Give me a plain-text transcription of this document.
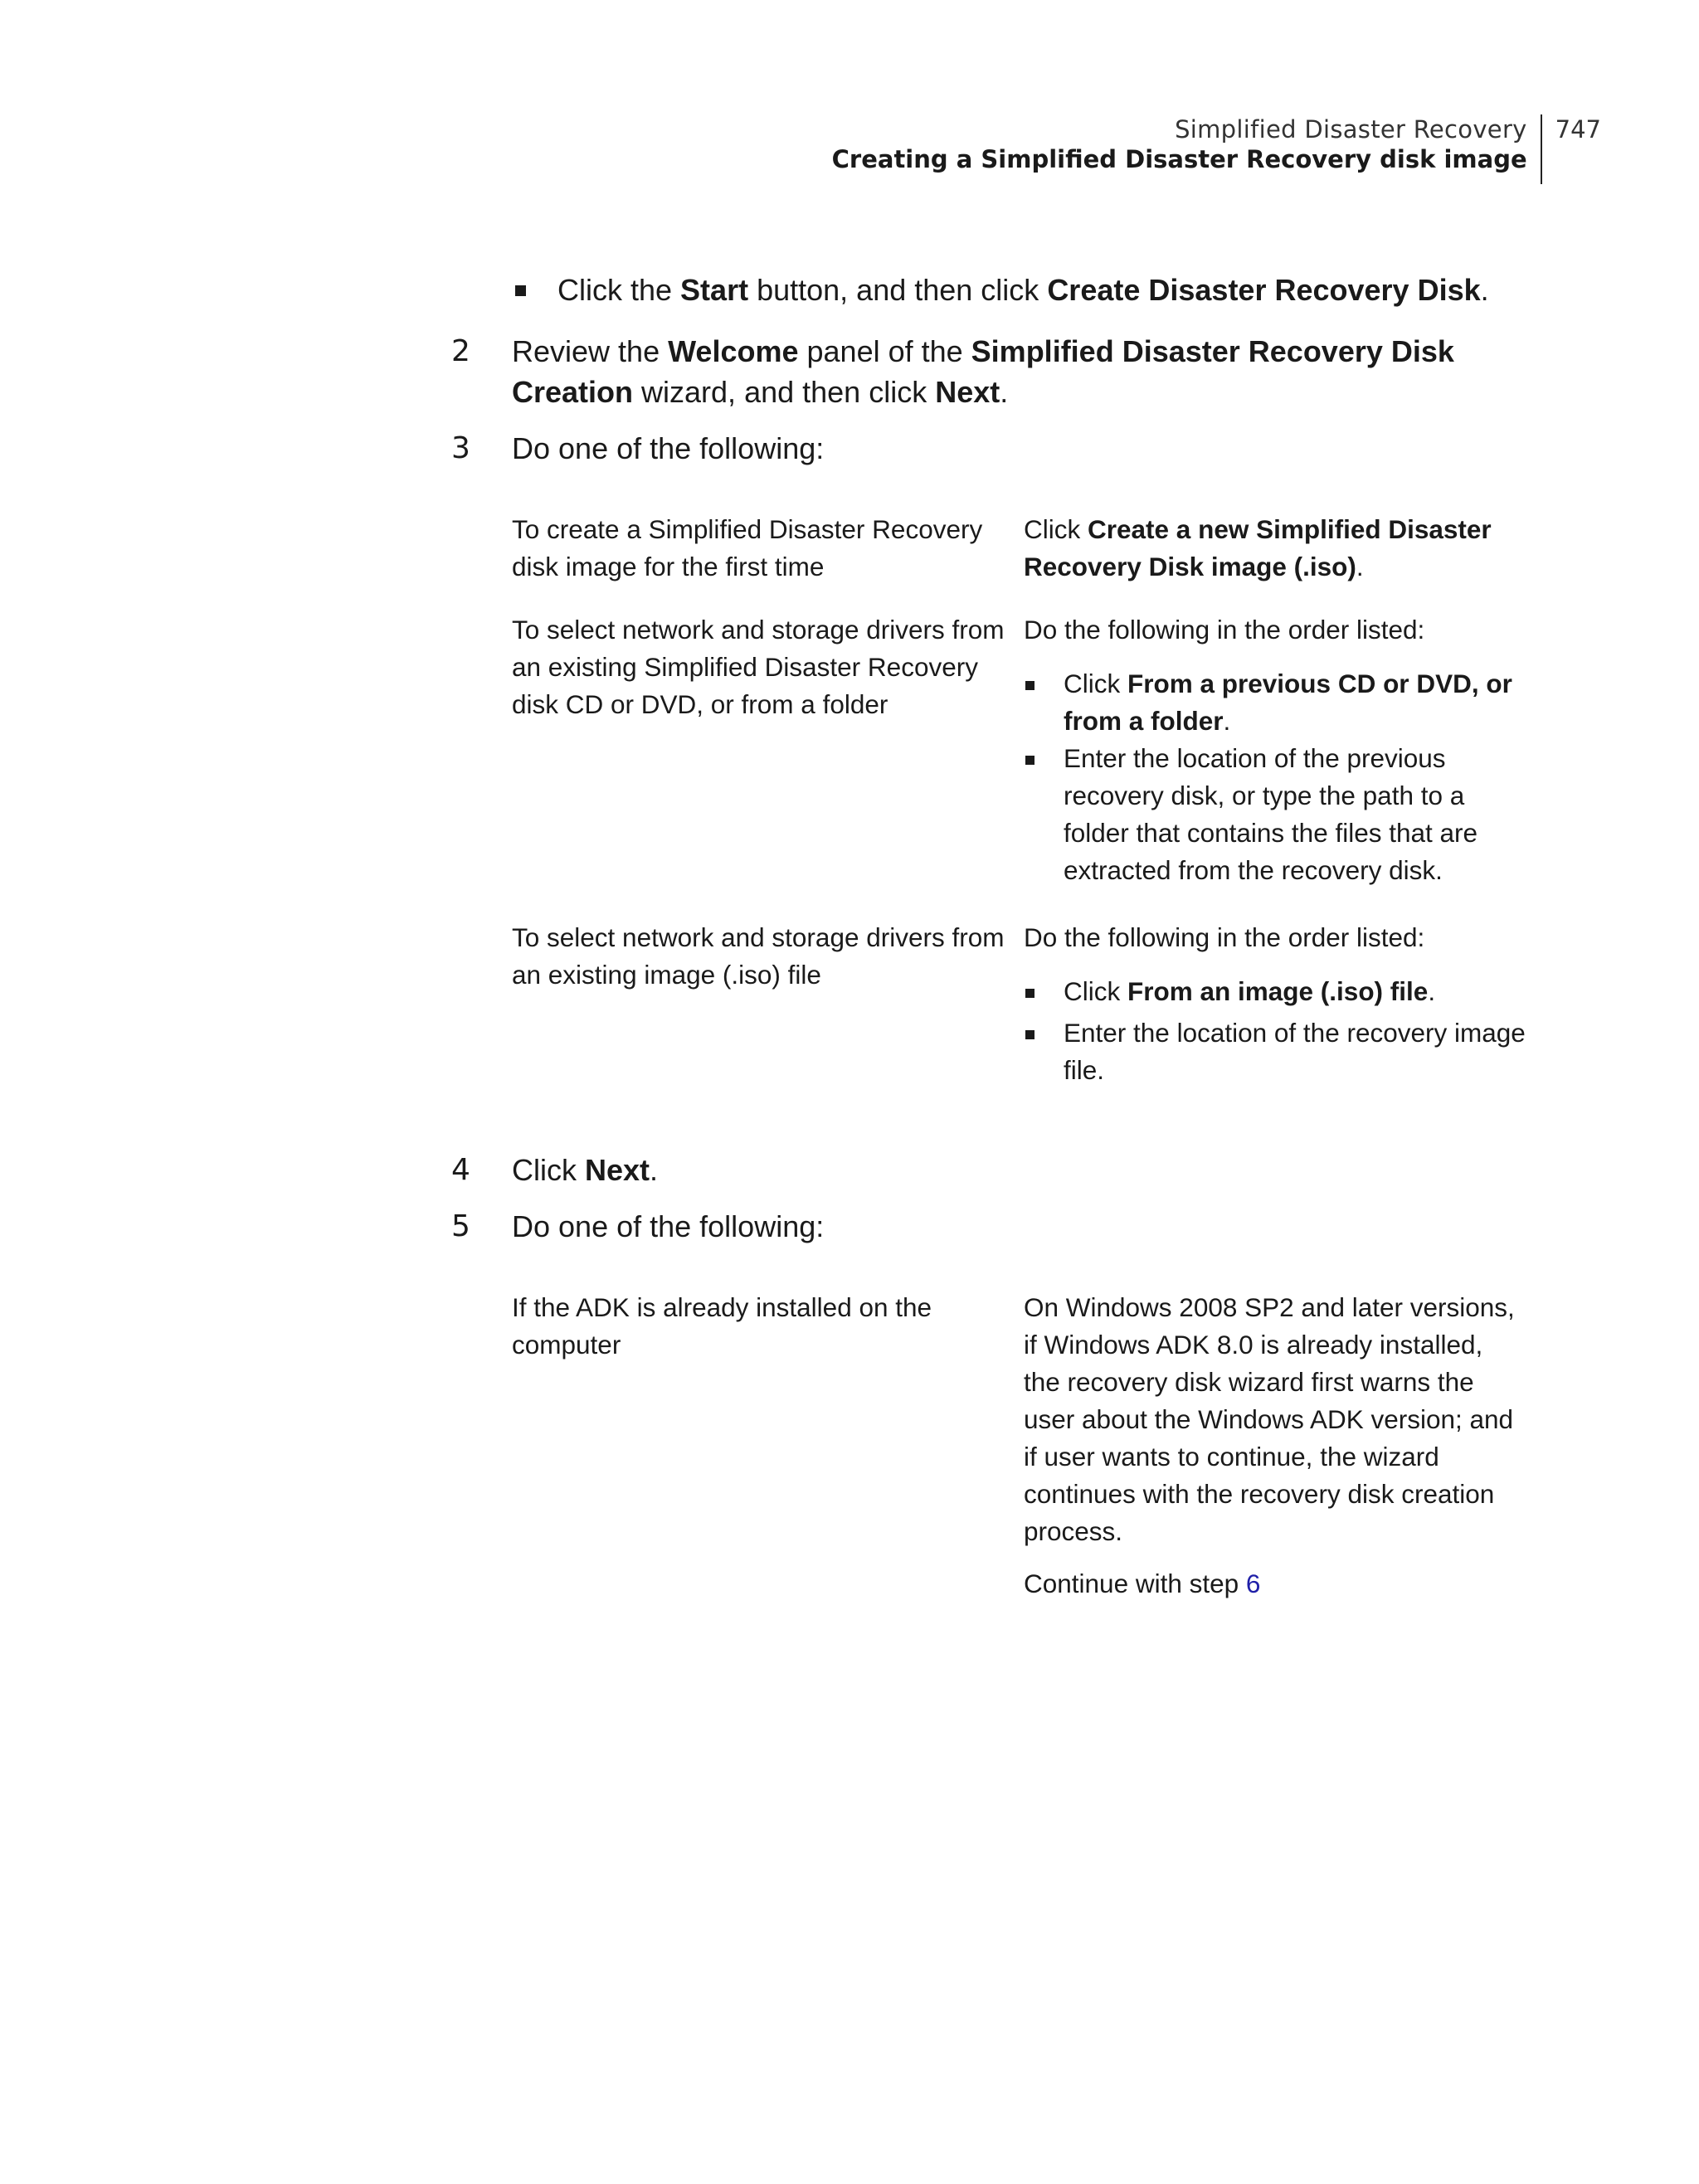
Simplified Disaster Recovery
Creating a Simplified Disaster Recovery disk image
747
Click the Start button, and then click Create Disaster Recovery Disk.
2 Review the Welcome panel of the Simplified Disaster Recovery Disk
Creation wizard, and then click Next.
3 Do one of the following:
To create a Simplified Disaster Recovery
disk image for the first time
Click Create a new Simplified Disaster
Recovery Disk image (.iso).
To select network and storage drivers from
an existing Simplified Disaster Recovery
disk CD or DVD, or from a folder
Do the following in the order listed:
Click From a previous CD or DVD, or
from a folder.
Enter the location of the previous
recovery disk, or type the path to a
folder that contains the files that are
extracted from the recovery disk.
To select network and storage drivers from
an existing image (.iso) file
Do the following in the order listed:
Click From an image (.iso) file.
Enter the location of the recovery image
file.
4 Click Next.
5 Do one of the following:
If the ADK is already installed on the
computer
On Windows 2008 SP2 and later versions,
if Windows ADK 8.0 is already installed,
the recovery disk wizard first warns the
user about the Windows ADK version; and
if user wants to continue, the wizard
continues with the recovery disk creation
process.
Continue with step 6
